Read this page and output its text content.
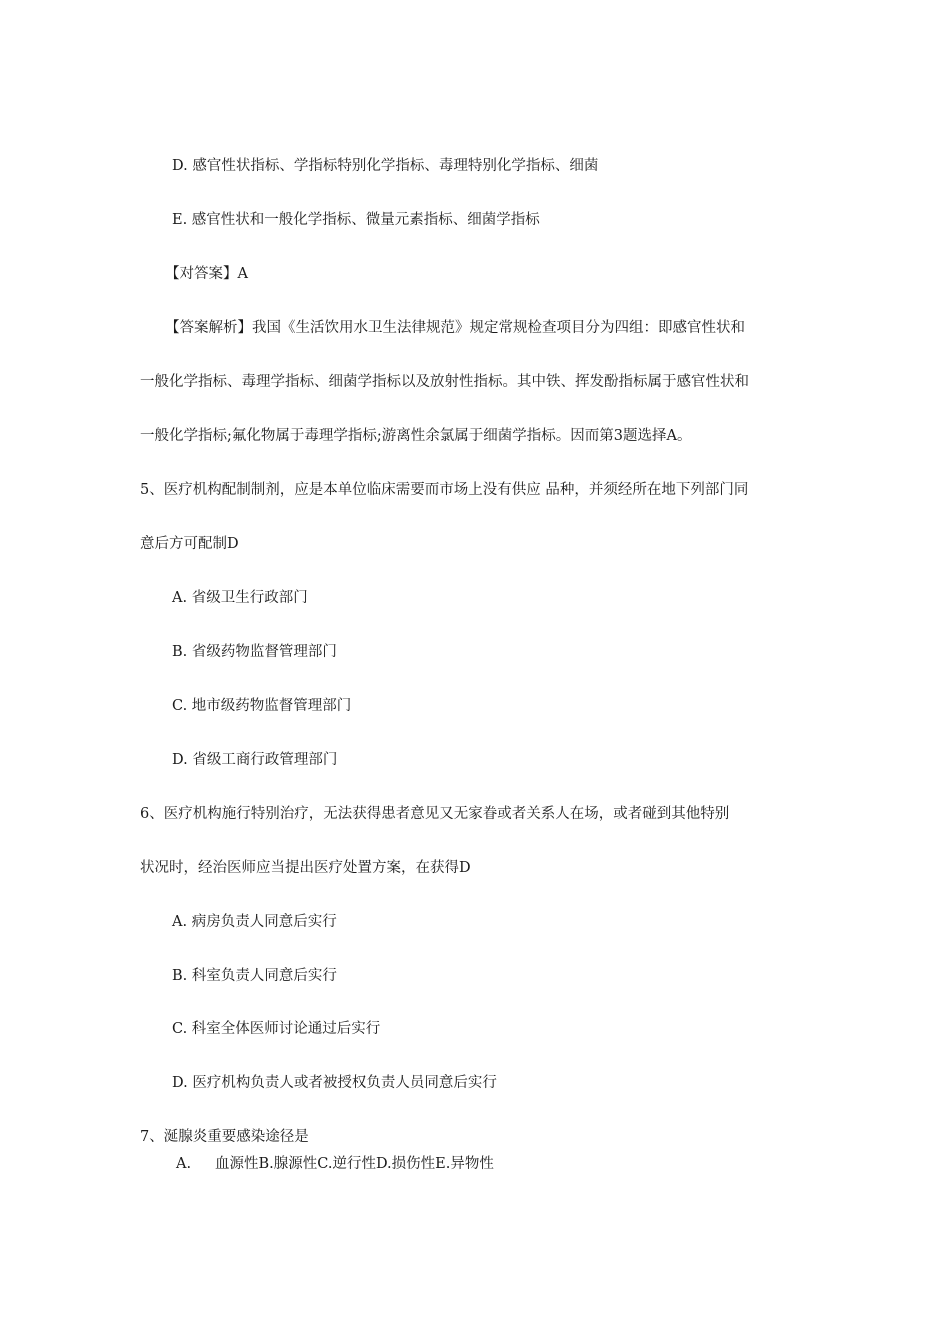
D. 感官性状指标、学指标特别化学指标、毒理特别化学指标、细菌
E. 感官性状和一般化学指标、微量元素指标、细菌学指标
【对答案】A
【答案解析】我国《生活饮用水卫生法律规范》规定常规检查项目分为四组：即感官性状和
一般化学指标、毒理学指标、细菌学指标以及放射性指标。其中铁、挥发酚指标属于感官性状和
一般化学指标;氟化物属于毒理学指标;游离性余氯属于细菌学指标。因而第3题选择A。
5、医疗机构配制制剂，应是本单位临床需要而市场上没有供应 品种，并须经所在地下列部门同
意后方可配制D
A. 省级卫生行政部门
B. 省级药物监督管理部门
C. 地市级药物监督管理部门
D. 省级工商行政管理部门
6、医疗机构施行特别治疗，无法获得患者意见又无家眷或者关系人在场，或者碰到其他特别
状况时，经治医师应当提出医疗处置方案，在获得D
A. 病房负责人同意后实行
B. 科室负责人同意后实行
C. 科室全体医师讨论通过后实行
D. 医疗机构负责人或者被授权负责人员同意后实行
7、涎腺炎重要感染途径是
A. 血源性B.腺源性C.逆行性D.损伤性E.异物性
